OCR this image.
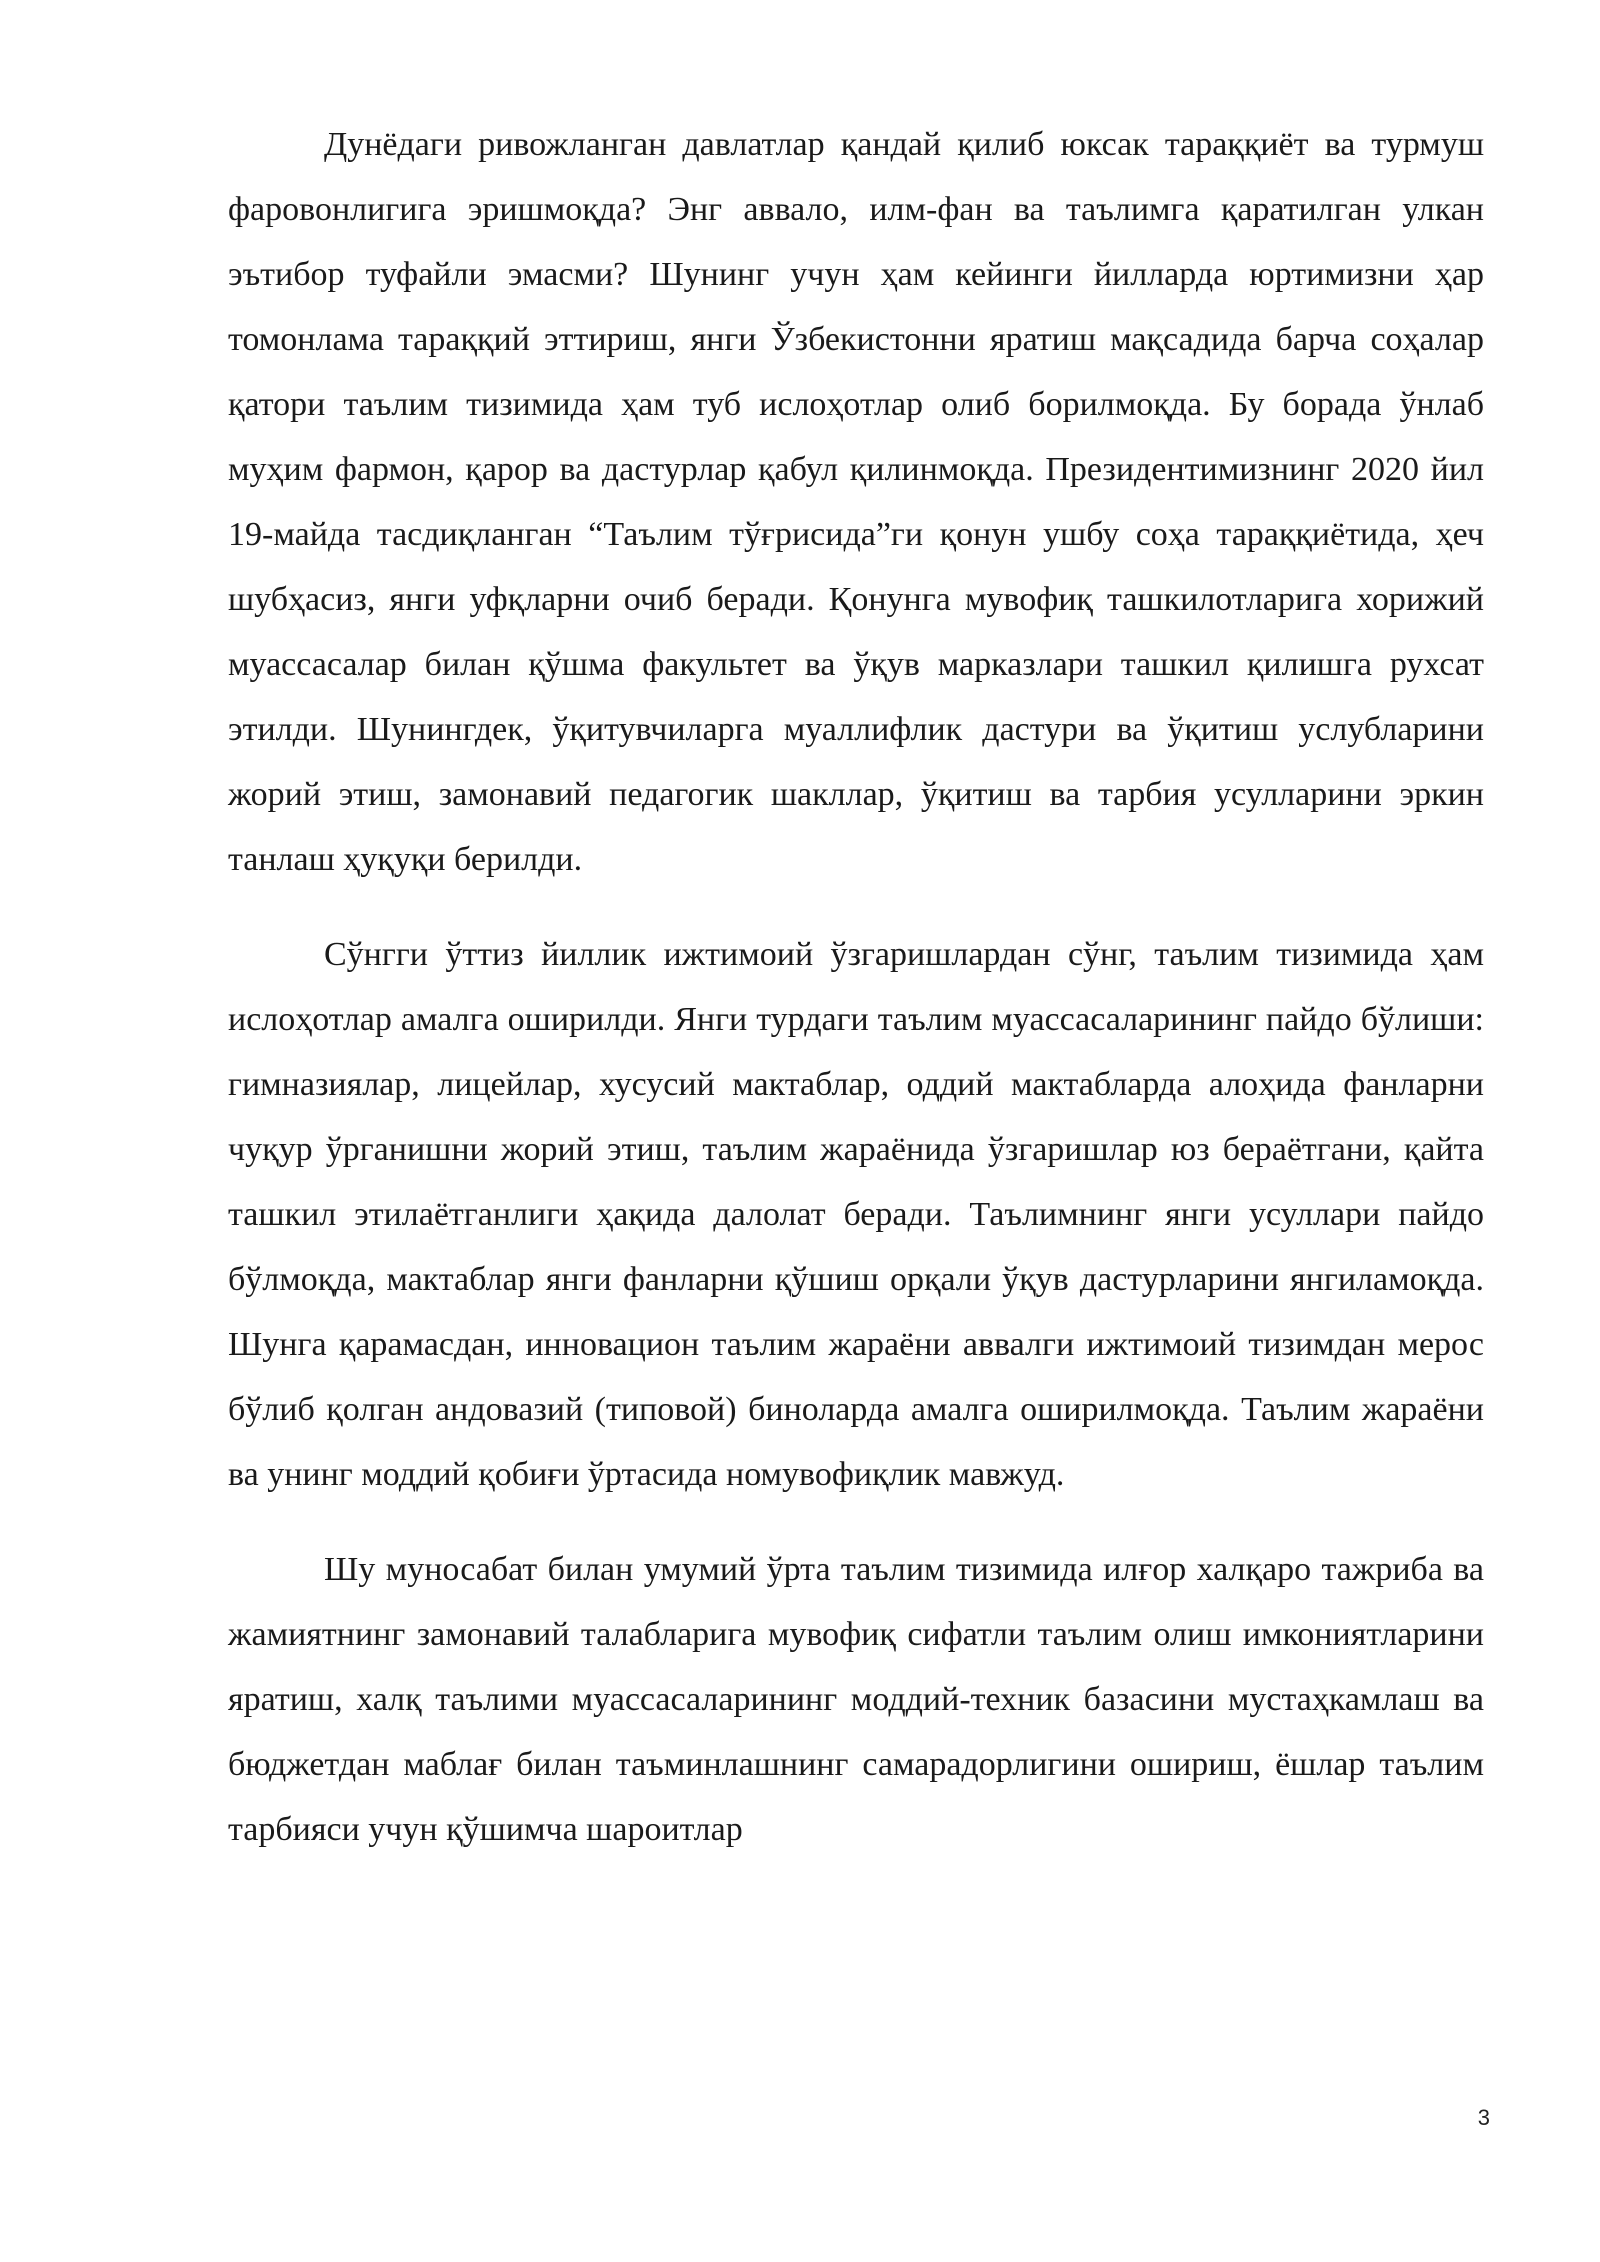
Дунёдаги ривожланган давлатлар қандай қилиб юксак тараққиёт ва турмуш фаровонлигига эришмоқда? Энг аввало, илм-фан ва таълимга қаратилган улкан эътибор туфайли эмасми? Шунинг учун ҳам кейинги йилларда юртимизни ҳар томонлама тараққий эттириш, янги Ўзбекистонни яратиш мақсадида барча соҳалар қатори таълим тизимида ҳам туб ислоҳотлар олиб борилмоқда. Бу борада ўнлаб муҳим фармон, қарор ва дастурлар қабул қилинмоқда. Президентимизнинг 2020 йил 19-майда тасдиқланган “Таълим тўғрисида”ги қонун ушбу соҳа тараққиётида, ҳеч шубҳасиз, янги уфқларни очиб беради. Қонунга мувофиқ ташкилотларига хорижий муассасалар билан қўшма факультет ва ўқув марказлари ташкил қилишга рухсат этилди. Шунингдек, ўқитувчиларга муаллифлик дастури ва ўқитиш услубларини жорий этиш, замонавий педагогик шакллар, ўқитиш ва тарбия усулларини эркин танлаш ҳуқуқи берилди.

Сўнгги ўттиз йиллик ижтимоий ўзгаришлардан сўнг, таълим тизимида ҳам ислоҳотлар амалга оширилди. Янги турдаги таълим муассасаларининг пайдо бўлиши: гимназиялар, лицейлар, хусусий мактаблар, оддий мактабларда алоҳида фанларни чуқур ўрганишни жорий этиш, таълим жараёнида ўзгаришлар юз бераётгани, қайта ташкил этилаётганлиги ҳақида далолат беради. Таълимнинг янги усуллари пайдо бўлмоқда, мактаблар янги фанларни қўшиш орқали ўқув дастурларини янгиламоқда. Шунга қарамасдан, инновацион таълим жараёни аввалги ижтимоий тизимдан мерос бўлиб қолган андовазий (типовой) биноларда амалга оширилмоқда. Таълим жараёни ва унинг моддий қобиғи ўртасида номувофиқлик мавжуд.

Шу муносабат билан умумий ўрта таълим тизимида илғор халқаро тажриба ва жамиятнинг замонавий талабларига мувофиқ сифатли таълим олиш имкониятларини яратиш, халқ таълими муассасаларининг моддий-техник базасини мустаҳкамлаш ва бюджетдан маблағ билан таъминлашнинг самарадорлигини ошириш, ёшлар таълим тарбияси учун қўшимча шароитлар

3
